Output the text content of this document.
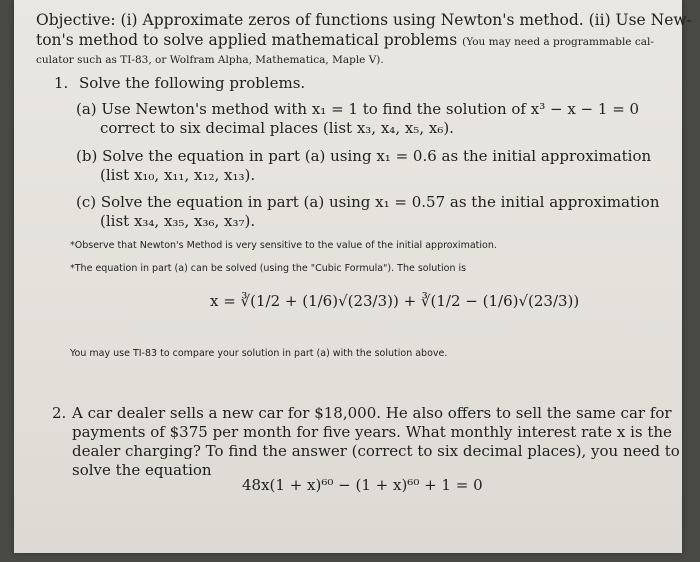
Objective: (i) Approximate zeros of functions using Newton's method. (ii) Use New-
ton's method to solve applied mathematical problems (You may need a programmable cal-
culator such as TI-83, or Wolfram Alpha, Mathematica, Maple V).
1. Solve the following problems.
(a) Use Newton's method with x₁ = 1 to find the solution of x³ − x − 1 = 0
correct to six decimal places (list x₃, x₄, x₅, x₆).
(b) Solve the equation in part (a) using x₁ = 0.6 as the initial approximation
(list x₁₀, x₁₁, x₁₂, x₁₃).
(c) Solve the equation in part (a) using x₁ = 0.57 as the initial approximation
(list x₃₄, x₃₅, x₃₆, x₃₇).
*Observe that Newton's Method is very sensitive to the value of the initial approximation.
*The equation in part (a) can be solved (using the "Cubic Formula"). The solution is
x = ∛(1/2 + (1/6)√(23/3)) + ∛(1/2 − (1/6)√(23/3))
You may use TI-83 to compare your solution in part (a) with the solution above.
2. A car dealer sells a new car for $18,000. He also offers to sell the same car for
payments of $375 per month for five years. What monthly interest rate x is the
dealer charging? To find the answer (correct to six decimal places), you need to
solve the equation
48x(1 + x)⁶⁰ − (1 + x)⁶⁰ + 1 = 0
